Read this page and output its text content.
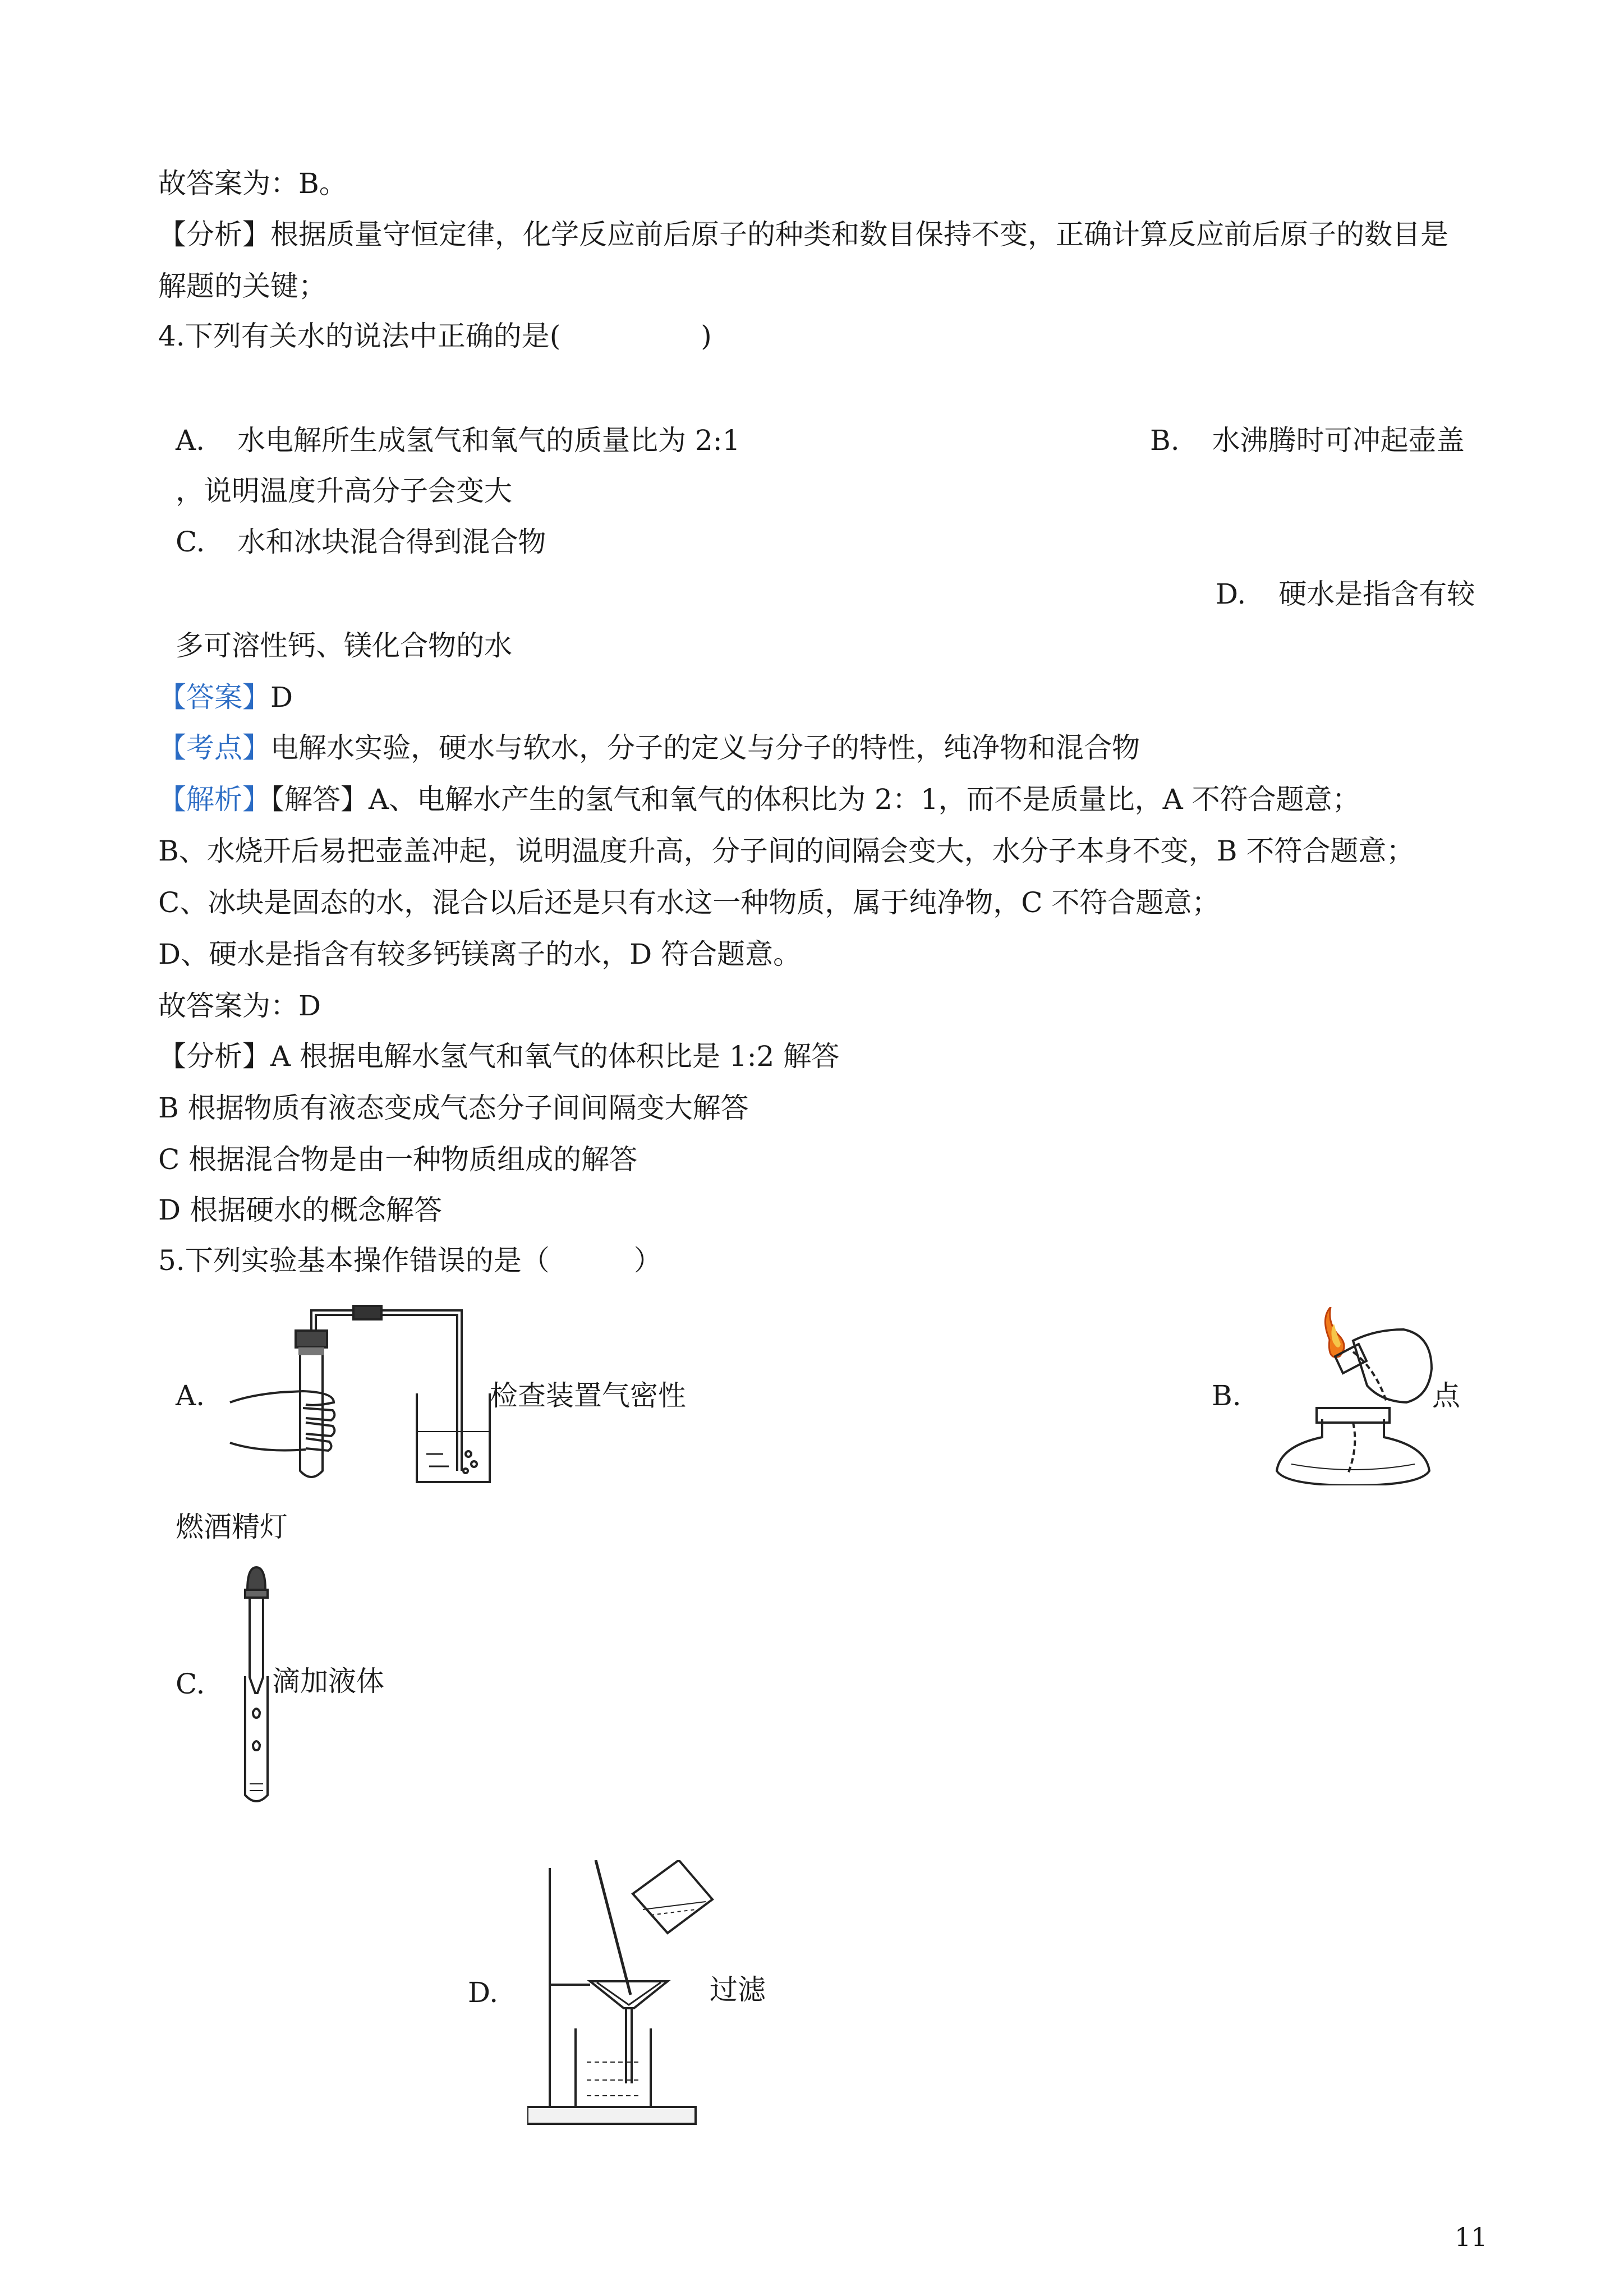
故答案为：B。
【分析】根据质量守恒定律，化学反应前后原子的种类和数目保持不变，正确计算反应前后原子的数目是
解题的关键；
4.下列有关水的说法中正确的是(　　　　　)
A. 水电解所生成氢气和氧气的质量比为 2:1	B. 水沸腾时可冲起壶盖
，说明温度升高分子会变大
C. 水和冰块混合得到混合物
D. 硬水是指含有较
多可溶性钙、镁化合物的水
【答案】D
【考点】电解水实验，硬水与软水，分子的定义与分子的特性，纯净物和混合物
【解析】【解答】A、电解水产生的氢气和氧气的体积比为 2：1，而不是质量比，A 不符合题意；
B、水烧开后易把壶盖冲起，说明温度升高，分子间的间隔会变大，水分子本身不变，B 不符合题意；
C、冰块是固态的水，混合以后还是只有水这一种物质，属于纯净物，C 不符合题意；
D、硬水是指含有较多钙镁离子的水，D 符合题意。
故答案为：D
【分析】A 根据电解水氢气和氧气的体积比是 1:2 解答
B 根据物质有液态变成气态分子间间隔变大解答
C 根据混合物是由一种物质组成的解答
D 根据硬水的概念解答
5.下列实验基本操作错误的是（　　　）
A.	检查装置气密性	B.	点
燃酒精灯
C. 滴加液体
D.	过滤
11
